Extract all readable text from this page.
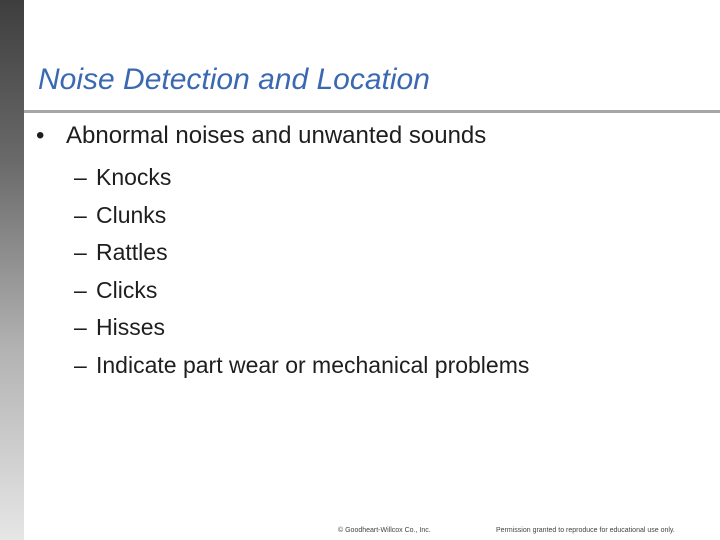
Noise Detection and Location
• Abnormal noises and unwanted sounds
– Knocks
– Clunks
– Rattles
– Clicks
– Hisses
– Indicate part wear or mechanical problems
© Goodheart-Willcox Co., Inc.	Permission granted to reproduce for educational use only.
